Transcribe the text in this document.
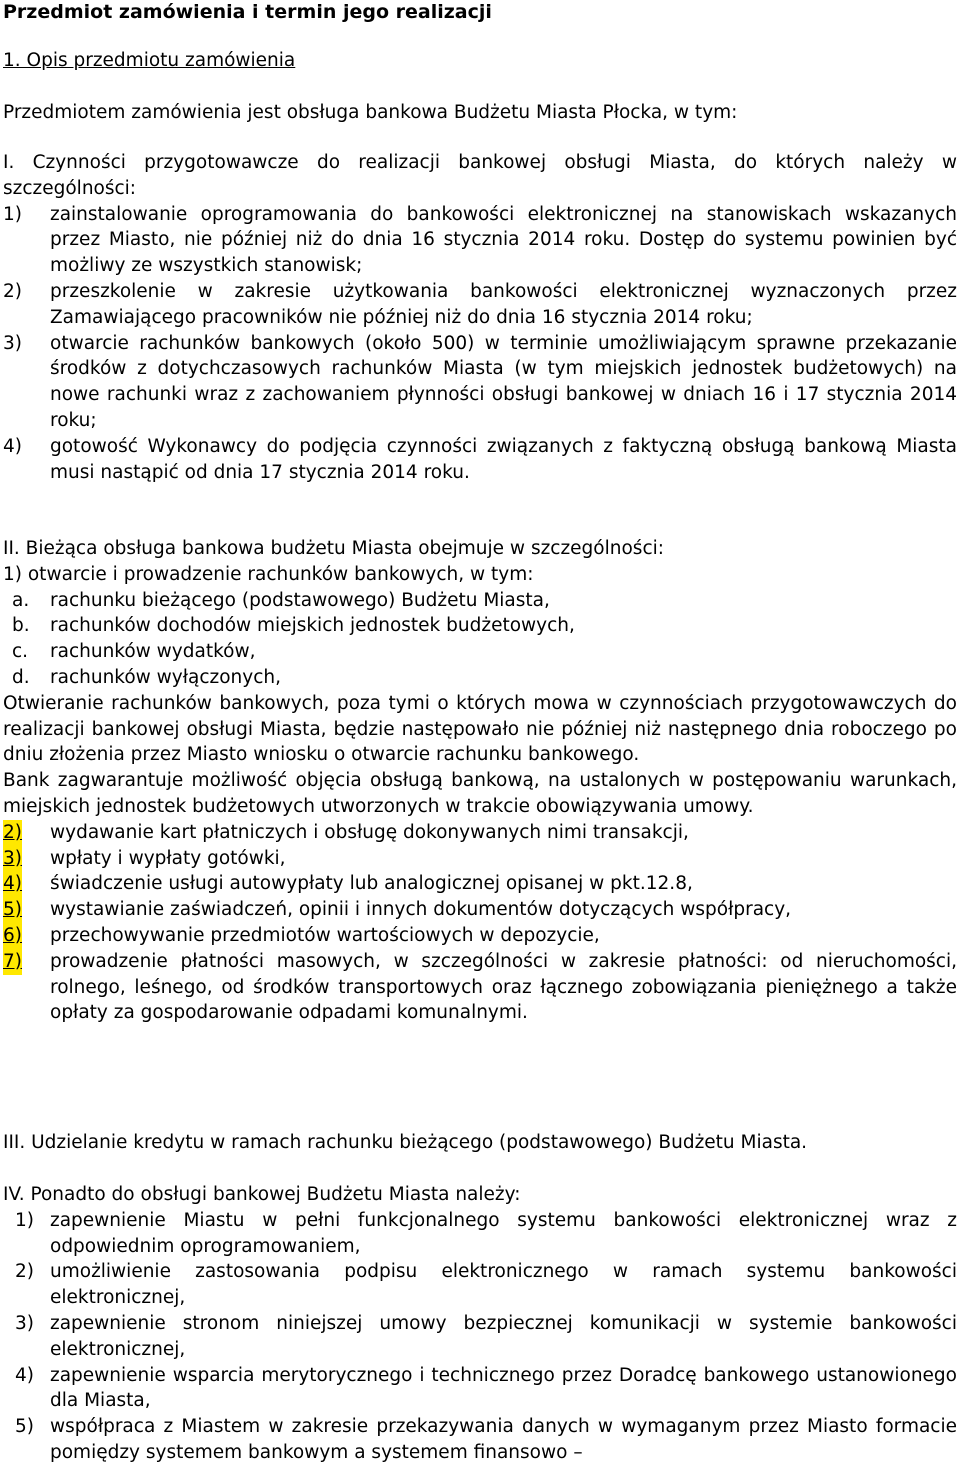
Przedmiot zamówienia i termin jego realizacji

1. Opis przedmiotu zamówienia

Przedmiotem zamówienia jest obsługa bankowa Budżetu Miasta Płocka, w tym:

I. Czynności przygotowawcze do realizacji bankowej obsługi Miasta, do których należy w szczególności:

1) zainstalowanie oprogramowania do bankowości elektronicznej na stanowiskach wskazanych przez Miasto, nie później niż do dnia 16 stycznia 2014 roku. Dostęp do systemu powinien być możliwy ze wszystkich stanowisk;
2) przeszkolenie w zakresie użytkowania bankowości elektronicznej wyznaczonych przez Zamawiającego pracowników nie później niż do dnia 16 stycznia 2014 roku;
3) otwarcie rachunków bankowych (około 500) w terminie umożliwiającym sprawne przekazanie środków z dotychczasowych rachunków Miasta (w tym miejskich jednostek budżetowych) na nowe rachunki wraz z zachowaniem płynności obsługi bankowej w dniach 16 i 17 stycznia 2014 roku;
4) gotowość Wykonawcy do podjęcia czynności związanych z faktyczną obsługą bankową Miasta musi nastąpić od dnia 17 stycznia 2014 roku.

II. Bieżąca obsługa bankowa budżetu Miasta obejmuje w szczególności:

1) otwarcie i prowadzenie rachunków bankowych, w tym:

a. rachunku bieżącego (podstawowego) Budżetu Miasta,
b. rachunków dochodów miejskich jednostek budżetowych,
c. rachunków wydatków,
d. rachunków wyłączonych,

Otwieranie rachunków bankowych, poza tymi o których mowa w czynnościach przygotowawczych do realizacji bankowej obsługi Miasta, będzie następowało nie później niż następnego dnia roboczego po dniu złożenia przez Miasto wniosku o otwarcie rachunku bankowego.

Bank zagwarantuje możliwość objęcia obsługą bankową, na ustalonych w postępowaniu warunkach, miejskich jednostek budżetowych utworzonych w trakcie obowiązywania umowy.

2) wydawanie kart płatniczych i obsługę dokonywanych nimi transakcji,
3) wpłaty i wypłaty gotówki,
4) świadczenie usługi autowypłaty lub analogicznej opisanej w pkt.12.8,
5) wystawianie zaświadczeń, opinii i innych dokumentów dotyczących współpracy,
6) przechowywanie przedmiotów wartościowych w depozycie,
7) prowadzenie płatności masowych, w szczególności w zakresie płatności: od nieruchomości, rolnego, leśnego, od środków transportowych oraz łącznego zobowiązania pieniężnego a także opłaty za gospodarowanie odpadami komunalnymi.

III. Udzielanie kredytu w ramach rachunku bieżącego (podstawowego) Budżetu Miasta.

IV. Ponadto do obsługi bankowej Budżetu Miasta należy:

1) zapewnienie Miastu w pełni funkcjonalnego systemu bankowości elektronicznej wraz z odpowiednim oprogramowaniem,
2) umożliwienie zastosowania podpisu elektronicznego w ramach systemu bankowości elektronicznej,
3) zapewnienie stronom niniejszej umowy bezpiecznej komunikacji w systemie bankowości elektronicznej,
4) zapewnienie wsparcia merytorycznego i technicznego przez Doradcę bankowego ustanowionego dla Miasta,
5) współpraca z Miastem w zakresie przekazywania danych w wymaganym przez Miasto formacie pomiędzy systemem bankowym a systemem finansowo –
